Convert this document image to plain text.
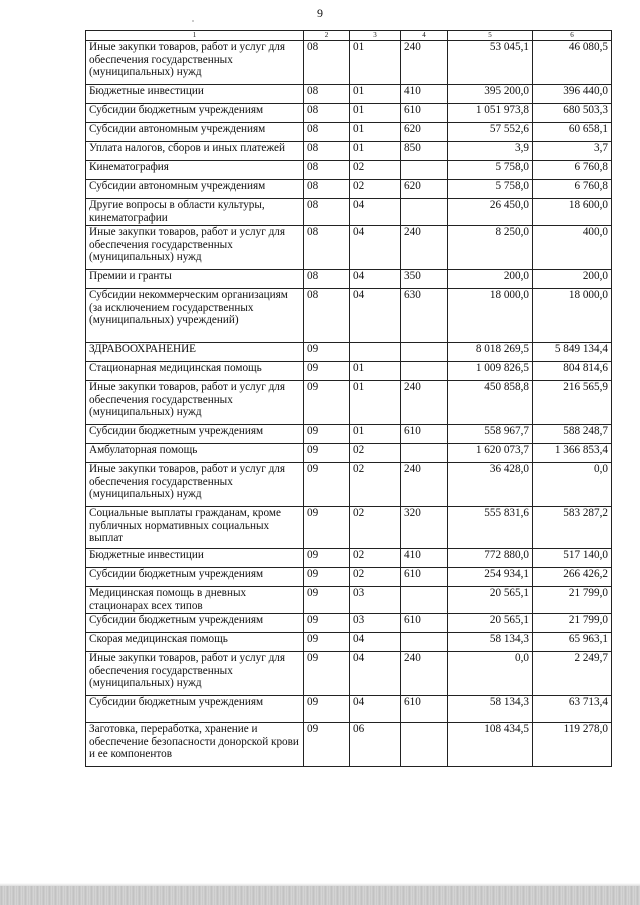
9
1	2	3	4	5	6
Иные закупки товаров, работ и услуг для обеспечения государственных (муниципальных) нужд	08	01	240	53 045,1	46 080,5
Бюджетные инвестиции	08	01	410	395 200,0	396 440,0
Субсидии бюджетным учреждениям	08	01	610	1 051 973,8	680 503,3
Субсидии автономным учреждениям	08	01	620	57 552,6	60 658,1
Уплата налогов, сборов и иных платежей	08	01	850	3,9	3,7
Кинематография	08	02		5 758,0	6 760,8
Субсидии автономным учреждениям	08	02	620	5 758,0	6 760,8
Другие вопросы в области культуры, кинематографии	08	04		26 450,0	18 600,0
Иные закупки товаров, работ и услуг для обеспечения государственных (муниципальных) нужд	08	04	240	8 250,0	400,0
Премии и гранты	08	04	350	200,0	200,0
Субсидии некоммерческим организациям (за исключением государственных (муниципальных) учреждений)	08	04	630	18 000,0	18 000,0
ЗДРАВООХРАНЕНИЕ	09			8 018 269,5	5 849 134,4
Стационарная медицинская помощь	09	01		1 009 826,5	804 814,6
Иные закупки товаров, работ и услуг для обеспечения государственных (муниципальных) нужд	09	01	240	450 858,8	216 565,9
Субсидии бюджетным учреждениям	09	01	610	558 967,7	588 248,7
Амбулаторная помощь	09	02		1 620 073,7	1 366 853,4
Иные закупки товаров, работ и услуг для обеспечения государственных (муниципальных) нужд	09	02	240	36 428,0	0,0
Социальные выплаты гражданам, кроме публичных нормативных социальных выплат	09	02	320	555 831,6	583 287,2
Бюджетные инвестиции	09	02	410	772 880,0	517 140,0
Субсидии бюджетным учреждениям	09	02	610	254 934,1	266 426,2
Медицинская помощь в дневных стационарах всех типов	09	03		20 565,1	21 799,0
Субсидии бюджетным учреждениям	09	03	610	20 565,1	21 799,0
Скорая медицинская помощь	09	04		58 134,3	65 963,1
Иные закупки товаров, работ и услуг для обеспечения государственных (муниципальных) нужд	09	04	240	0,0	2 249,7
Субсидии бюджетным учреждениям	09	04	610	58 134,3	63 713,4
Заготовка, переработка, хранение и обеспечение безопасности донорской крови и ее компонентов	09	06		108 434,5	119 278,0
